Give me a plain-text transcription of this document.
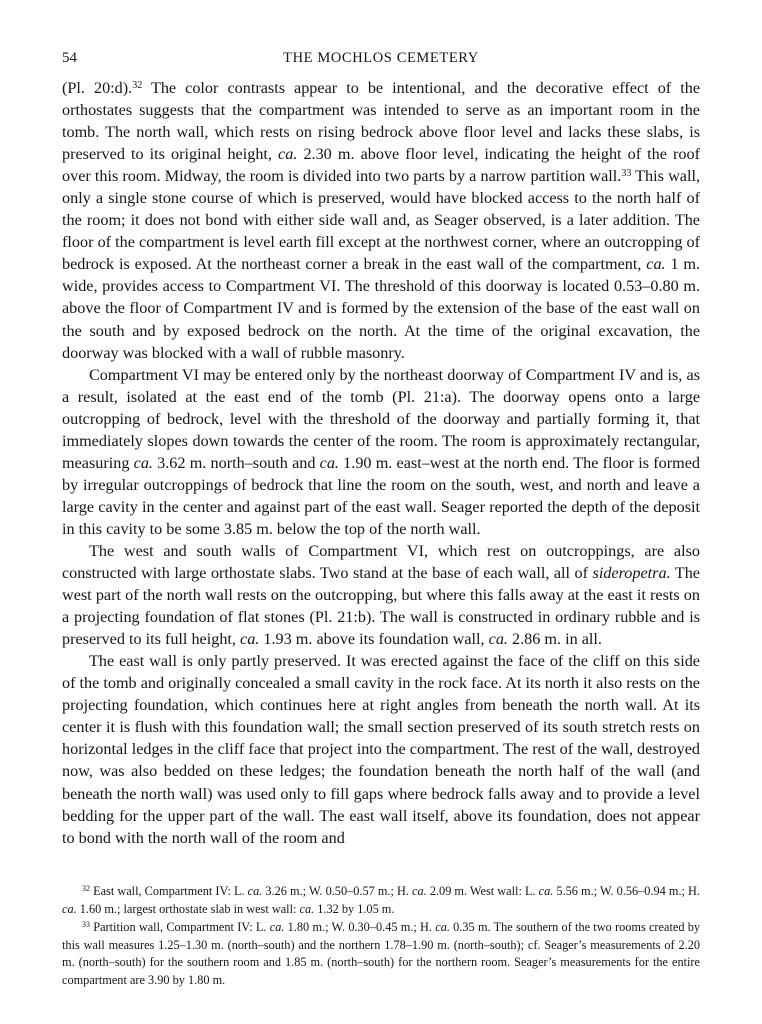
54	THE MOCHLOS CEMETERY

(Pl. 20:d).$^{32}$ The color contrasts appear to be intentional, and the decorative effect of the orthostates suggests that the compartment was intended to serve as an important room in the tomb. The north wall, which rests on rising bedrock above floor level and lacks these slabs, is preserved to its original height, ca. 2.30 m. above floor level, indicating the height of the roof over this room. Midway, the room is divided into two parts by a narrow partition wall.$^{33}$ This wall, only a single stone course of which is preserved, would have blocked access to the north half of the room; it does not bond with either side wall and, as Seager observed, is a later addition. The floor of the compartment is level earth fill except at the northwest corner, where an outcropping of bedrock is exposed. At the northeast corner a break in the east wall of the compartment, ca. 1 m. wide, provides access to Compartment VI. The threshold of this doorway is located 0.53–0.80 m. above the floor of Compartment IV and is formed by the extension of the base of the east wall on the south and by exposed bedrock on the north. At the time of the original excavation, the doorway was blocked with a wall of rubble masonry.

Compartment VI may be entered only by the northeast doorway of Compartment IV and is, as a result, isolated at the east end of the tomb (Pl. 21:a). The doorway opens onto a large outcropping of bedrock, level with the threshold of the doorway and partially forming it, that immediately slopes down towards the center of the room. The room is approximately rectangular, measuring ca. 3.62 m. north–south and ca. 1.90 m. east–west at the north end. The floor is formed by irregular outcroppings of bedrock that line the room on the south, west, and north and leave a large cavity in the center and against part of the east wall. Seager reported the depth of the deposit in this cavity to be some 3.85 m. below the top of the north wall.

The west and south walls of Compartment VI, which rest on outcroppings, are also constructed with large orthostate slabs. Two stand at the base of each wall, all of sideropetra. The west part of the north wall rests on the outcropping, but where this falls away at the east it rests on a projecting foundation of flat stones (Pl. 21:b). The wall is constructed in ordinary rubble and is preserved to its full height, ca. 1.93 m. above its foundation wall, ca. 2.86 m. in all.

The east wall is only partly preserved. It was erected against the face of the cliff on this side of the tomb and originally concealed a small cavity in the rock face. At its north it also rests on the projecting foundation, which continues here at right angles from beneath the north wall. At its center it is flush with this foundation wall; the small section preserved of its south stretch rests on horizontal ledges in the cliff face that project into the compartment. The rest of the wall, destroyed now, was also bedded on these ledges; the foundation beneath the north half of the wall (and beneath the north wall) was used only to fill gaps where bedrock falls away and to provide a level bedding for the upper part of the wall. The east wall itself, above its foundation, does not appear to bond with the north wall of the room and

$^{32}$ East wall, Compartment IV: L. ca. 3.26 m.; W. 0.50–0.57 m.; H. ca. 2.09 m. West wall: L. ca. 5.56 m.; W. 0.56–0.94 m.; H. ca. 1.60 m.; largest orthostate slab in west wall: ca. 1.32 by 1.05 m.

$^{33}$ Partition wall, Compartment IV: L. ca. 1.80 m.; W. 0.30–0.45 m.; H. ca. 0.35 m. The southern of the two rooms created by this wall measures 1.25–1.30 m. (north–south) and the northern 1.78–1.90 m. (north–south); cf. Seager’s measurements of 2.20 m. (north–south) for the southern room and 1.85 m. (north–south) for the northern room. Seager’s measurements for the entire compartment are 3.90 by 1.80 m.
